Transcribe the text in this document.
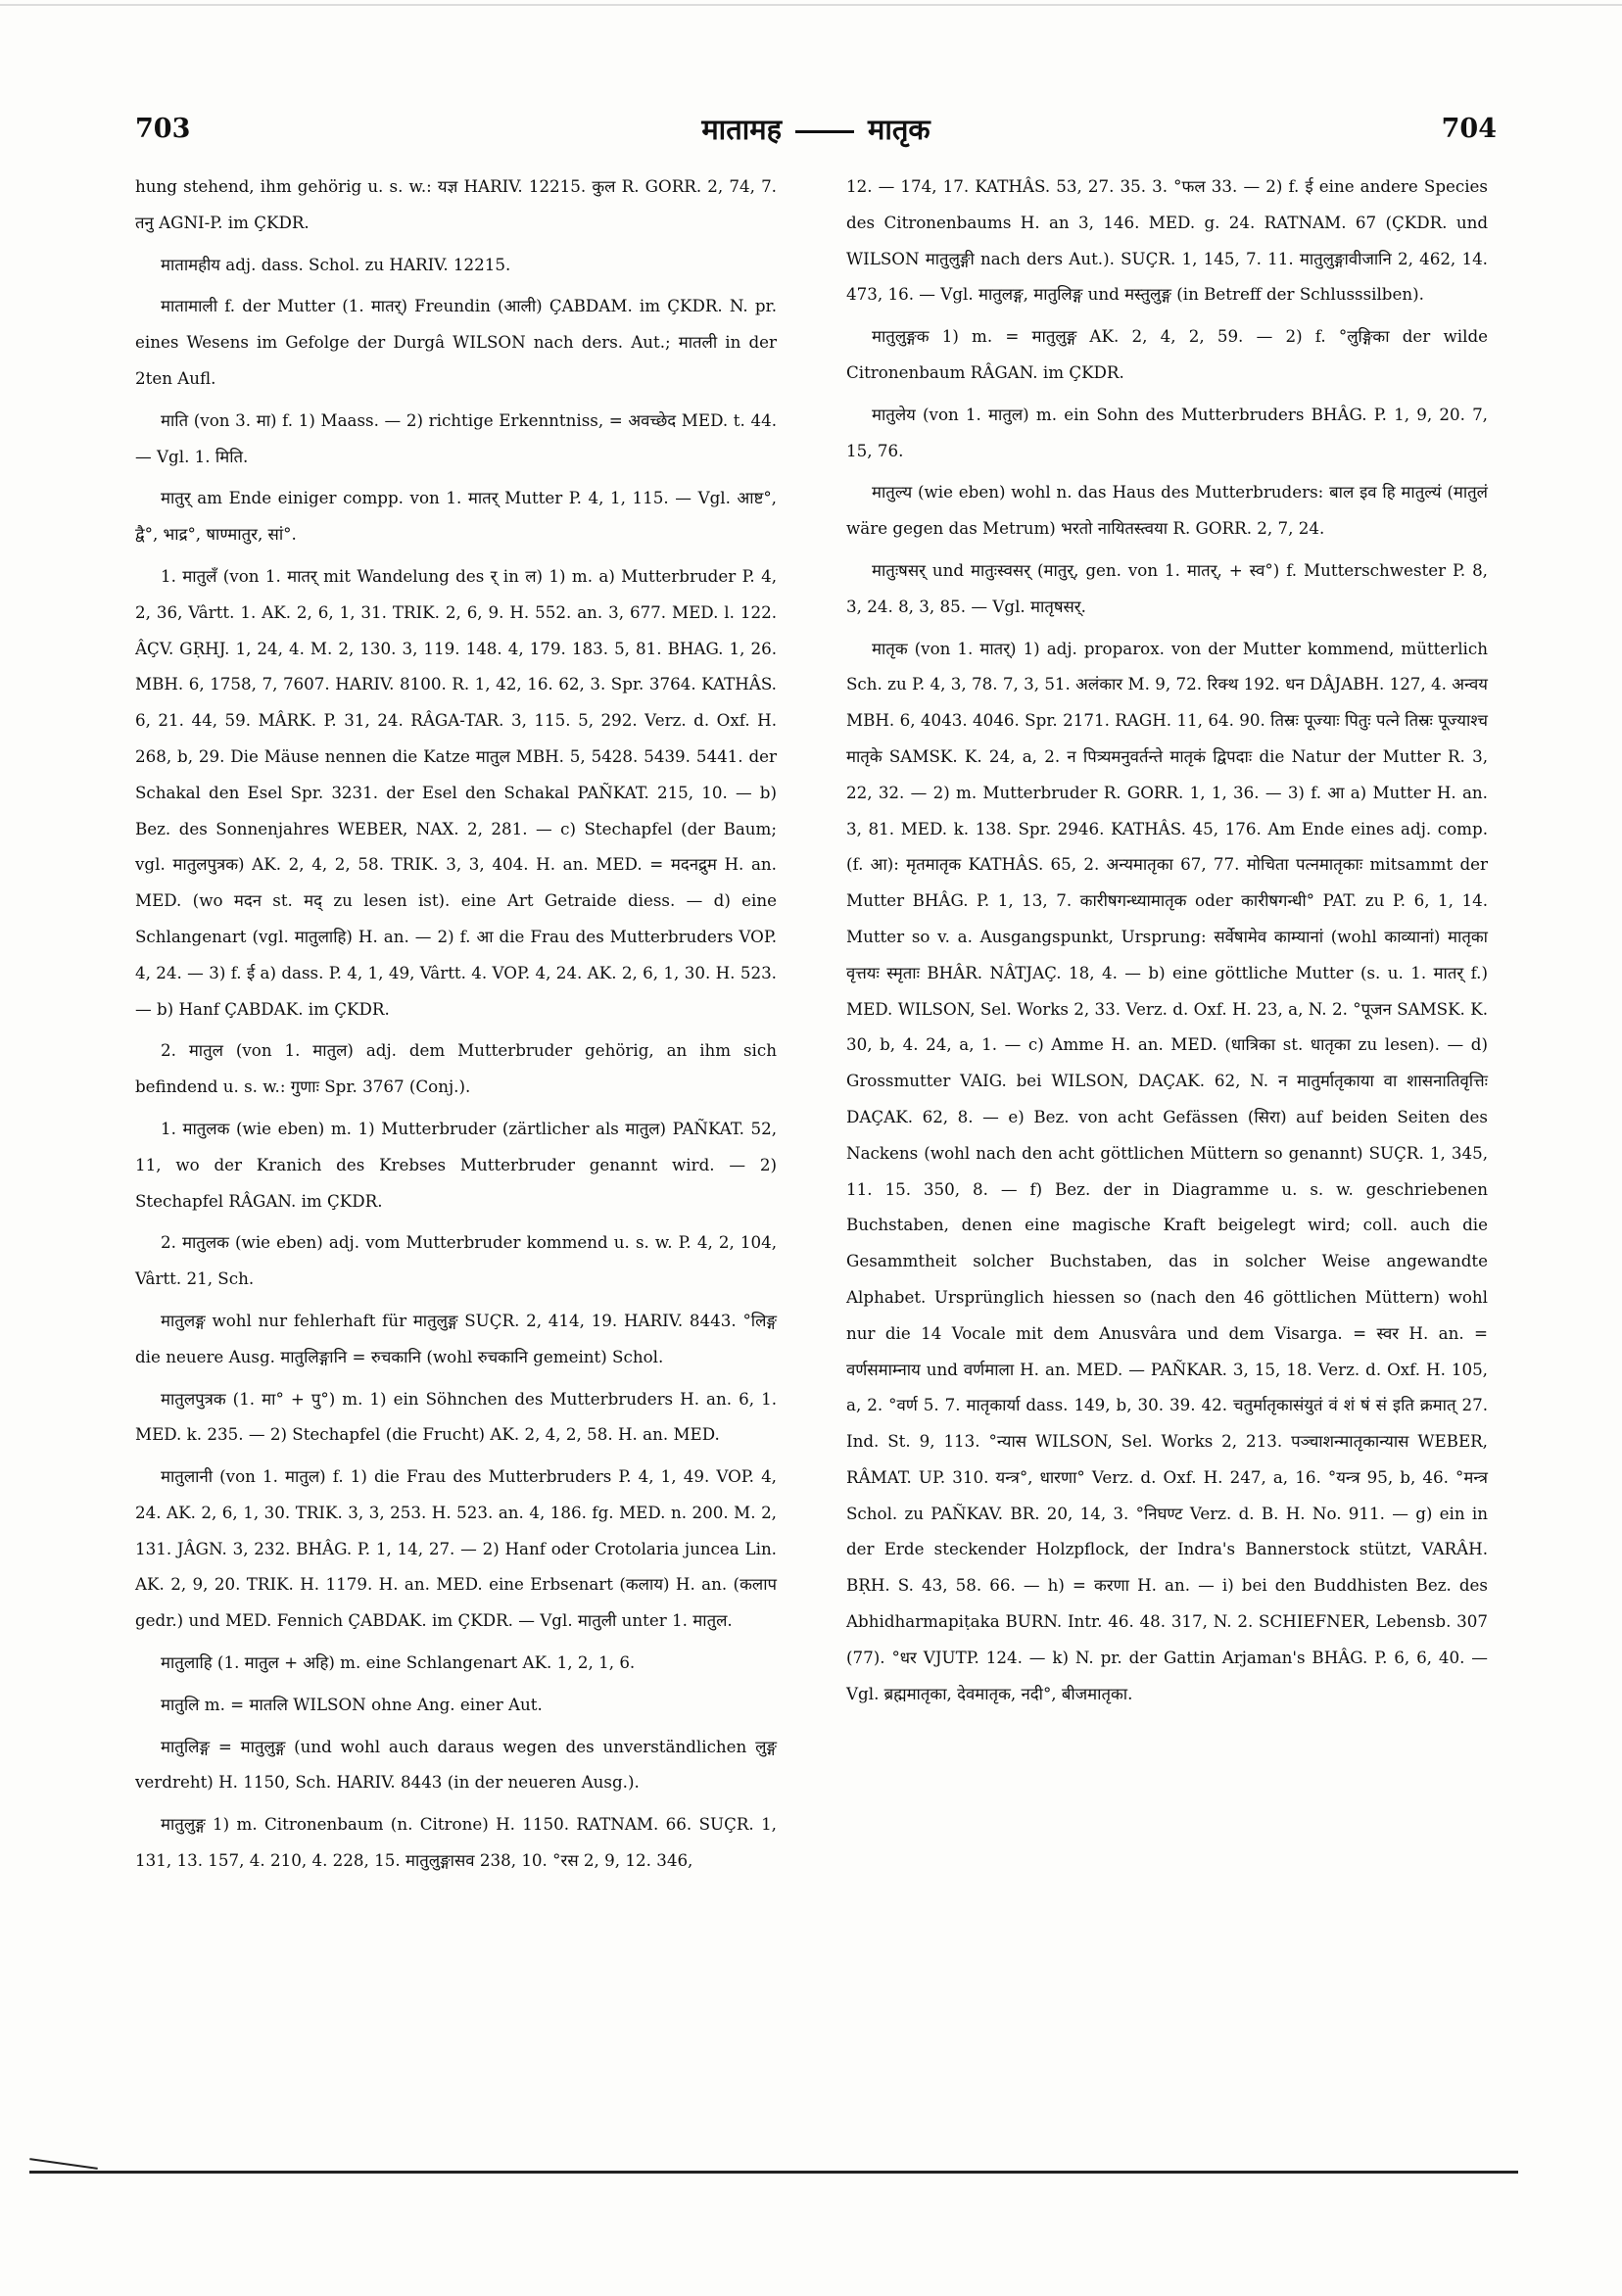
703	मातामह	मातृक	704

hung stehend, ihm gehörig u. s. w.: यज्ञ HARIV. 12215. कुल R. GORR. 2, 74, 7. तनु AGNI-P. im ÇKDR.

मातामहीय adj. dass. Schol. zu HARIV. 12215.

मातामाली f. der Mutter (1. मातर्) Freundin (आली) ÇABDAM. im ÇKDR. N. pr. eines Wesens im Gefolge der Durgâ WILSON nach ders. Aut.; मातली in der 2ten Aufl.

माति (von 3. मा) f. 1) Maass. — 2) richtige Erkenntniss, = अवच्छेद MED. t. 44. — Vgl. 1. मिति.

मातुर् am Ende einiger compp. von 1. मातर् Mutter P. 4, 1, 115. — Vgl. आष्ट°, द्वै°, भाद्र°, षाण्मातुर, सां°.

1. मातुलँ (von 1. मातर् mit Wandelung des र् in ल) 1) m. a) Mutterbruder P. 4, 2, 36, Vârtt. 1. AK. 2, 6, 1, 31. TRIK. 2, 6, 9. H. 552. an. 3, 677. MED. l. 122. ÂÇV. GṚHJ. 1, 24, 4. M. 2, 130. 3, 119. 148. 4, 179. 183. 5, 81. BHAG. 1, 26. MBH. 6, 1758, 7, 7607. HARIV. 8100. R. 1, 42, 16. 62, 3. Spr. 3764. KATHÂS. 6, 21. 44, 59. MÂRK. P. 31, 24. RÂGA-TAR. 3, 115. 5, 292. Verz. d. Oxf. H. 268, b, 29. Die Mäuse nennen die Katze मातुल MBH. 5, 5428. 5439. 5441. der Schakal den Esel Spr. 3231. der Esel den Schakal PAÑKAT. 215, 10. — b) Bez. des Sonnenjahres WEBER, NAX. 2, 281. — c) Stechapfel (der Baum; vgl. मातुलपुत्रक) AK. 2, 4, 2, 58. TRIK. 3, 3, 404. H. an. MED. = मदनद्रुम H. an. MED. (wo मदन st. मद् zu lesen ist). eine Art Getraide diess. — d) eine Schlangenart (vgl. मातुलाहि) H. an. — 2) f. आ die Frau des Mutterbruders VOP. 4, 24. — 3) f. ई a) dass. P. 4, 1, 49, Vârtt. 4. VOP. 4, 24. AK. 2, 6, 1, 30. H. 523. — b) Hanf ÇABDAK. im ÇKDR.

2. मातुल (von 1. मातुल) adj. dem Mutterbruder gehörig, an ihm sich befindend u. s. w.: गुणाः Spr. 3767 (Conj.).

1. मातुलक (wie eben) m. 1) Mutterbruder (zärtlicher als मातुल) PAÑKAT. 52, 11, wo der Kranich des Krebses Mutterbruder genannt wird. — 2) Stechapfel RÂGAN. im ÇKDR.

2. मातुलक (wie eben) adj. vom Mutterbruder kommend u. s. w. P. 4, 2, 104, Vârtt. 21, Sch.

मातुलङ्ग wohl nur fehlerhaft für मातुलुङ्ग SUÇR. 2, 414, 19. HARIV. 8443. °लिङ्ग die neuere Ausg. मातुलिङ्गानि = रुचकानि (wohl रुचकानि gemeint) Schol.

मातुलपुत्रक (1. मा° + पु°) m. 1) ein Söhnchen des Mutterbruders H. an. 6, 1. MED. k. 235. — 2) Stechapfel (die Frucht) AK. 2, 4, 2, 58. H. an. MED.

मातुलानी (von 1. मातुल) f. 1) die Frau des Mutterbruders P. 4, 1, 49. VOP. 4, 24. AK. 2, 6, 1, 30. TRIK. 3, 3, 253. H. 523. an. 4, 186. fg. MED. n. 200. M. 2, 131. JÂGN. 3, 232. BHÂG. P. 1, 14, 27. — 2) Hanf oder Crotolaria juncea Lin. AK. 2, 9, 20. TRIK. H. 1179. H. an. MED. eine Erbsenart (कलाय) H. an. (कलाप gedr.) und MED. Fennich ÇABDAK. im ÇKDR. — Vgl. मातुली unter 1. मातुल.

मातुलाहि (1. मातुल + अहि) m. eine Schlangenart AK. 1, 2, 1, 6.

मातुलि m. = मातलि WILSON ohne Ang. einer Aut.

मातुलिङ्ग = मातुलुङ्ग (und wohl auch daraus wegen des unverständlichen लुङ्ग verdreht) H. 1150, Sch. HARIV. 8443 (in der neueren Ausg.).

मातुलुङ्ग 1) m. Citronenbaum (n. Citrone) H. 1150. RATNAM. 66. SUÇR. 1, 131, 13. 157, 4. 210, 4. 228, 15. मातुलुङ्गासव 238, 10. °रस 2, 9, 12. 346,

12. — 174, 17. KATHÂS. 53, 27. 35. 3. °फल 33. — 2) f. ई eine andere Species des Citronenbaums H. an 3, 146. MED. g. 24. RATNAM. 67 (ÇKDR. und WILSON मातुलुङ्गी nach ders Aut.). SUÇR. 1, 145, 7. 11. मातुलुङ्गावीजानि 2, 462, 14. 473, 16. — Vgl. मातुलङ्ग, मातुलिङ्ग und मस्तुलुङ्ग (in Betreff der Schlusssilben).

मातुलुङ्गक 1) m. = मातुलुङ्ग AK. 2, 4, 2, 59. — 2) f. °लुङ्गिका der wilde Citronenbaum RÂGAN. im ÇKDR.

मातुलेय (von 1. मातुल) m. ein Sohn des Mutterbruders BHÂG. P. 1, 9, 20. 7, 15, 76.

मातुल्य (wie eben) wohl n. das Haus des Mutterbruders: बाल इव हि मातुल्यं (मातुलं wäre gegen das Metrum) भरतो नायितस्त्वया R. GORR. 2, 7, 24.

मातुःषसर् und मातुःस्वसर् (मातुर्, gen. von 1. मातर्, + स्व°) f. Mutterschwester P. 8, 3, 24. 8, 3, 85. — Vgl. मातृषसर्.

मातृक (von 1. मातर्) 1) adj. proparox. von der Mutter kommend, mütterlich Sch. zu P. 4, 3, 78. 7, 3, 51. अलंकार M. 9, 72. रिक्थ 192. धन DÂJABH. 127, 4. अन्वय MBH. 6, 4043. 4046. Spr. 2171. RAGH. 11, 64. 90. तिस्रः पूज्याः पितुः पत्ने तिस्रः पूज्याश्च मातृके SAMSK. K. 24, a, 2. न पित्र्यमनुवर्तन्ते मातृकं द्विपदाः die Natur der Mutter R. 3, 22, 32. — 2) m. Mutterbruder R. GORR. 1, 1, 36. — 3) f. आ a) Mutter H. an. 3, 81. MED. k. 138. Spr. 2946. KATHÂS. 45, 176. Am Ende eines adj. comp. (f. आ): मृतमातृक KATHÂS. 65, 2. अन्यमातृका 67, 77. मोचिता पत्नमातृकाः mitsammt der Mutter BHÂG. P. 1, 13, 7. कारीषगन्ध्यामातृक oder कारीषगन्धी° PAT. zu P. 6, 1, 14. Mutter so v. a. Ausgangspunkt, Ursprung: सर्वेषामेव काम्यानां (wohl काव्यानां) मातृका वृत्तयः स्मृताः BHÂR. NÂTJAÇ. 18, 4. — b) eine göttliche Mutter (s. u. 1. मातर् f.) MED. WILSON, Sel. Works 2, 33. Verz. d. Oxf. H. 23, a, N. 2. °पूजन SAMSK. K. 30, b, 4. 24, a, 1. — c) Amme H. an. MED. (धात्रिका st. धातृका zu lesen). — d) Grossmutter VAIG. bei WILSON, DAÇAK. 62, N. न मातुर्मातृकाया वा शासनातिवृत्तिः DAÇAK. 62, 8. — e) Bez. von acht Gefässen (सिरा) auf beiden Seiten des Nackens (wohl nach den acht göttlichen Müttern so genannt) SUÇR. 1, 345, 11. 15. 350, 8. — f) Bez. der in Diagramme u. s. w. geschriebenen Buchstaben, denen eine magische Kraft beigelegt wird; coll. auch die Gesammtheit solcher Buchstaben, das in solcher Weise angewandte Alphabet. Ursprünglich hiessen so (nach den 46 göttlichen Müttern) wohl nur die 14 Vocale mit dem Anusvâra und dem Visarga. = स्वर H. an. = वर्णसमाम्नाय und वर्णमाला H. an. MED. — PAÑKAR. 3, 15, 18. Verz. d. Oxf. H. 105, a, 2. °वर्ण 5. 7. मातृकार्या dass. 149, b, 30. 39. 42. चतुर्मातृकासंयुतं वं शं षं सं इति क्रमात् 27. Ind. St. 9, 113. °न्यास WILSON, Sel. Works 2, 213. पञ्चाशन्मातृकान्यास WEBER, RÂMAT. UP. 310. यन्त्र°, धारणा° Verz. d. Oxf. H. 247, a, 16. °यन्त्र 95, b, 46. °मन्त्र Schol. zu PAÑKAV. BR. 20, 14, 3. °निघण्ट Verz. d. B. H. No. 911. — g) ein in der Erde steckender Holzpflock, der Indra's Bannerstock stützt, VARÂH. BṚH. S. 43, 58. 66. — h) = करणा H. an. — i) bei den Buddhisten Bez. des Abhidharmapiṭaka BURN. Intr. 46. 48. 317, N. 2. SCHIEFNER, Lebensb. 307 (77). °धर VJUTP. 124. — k) N. pr. der Gattin Arjaman's BHÂG. P. 6, 6, 40. — Vgl. ब्रह्ममातृका, देवमातृक, नदी°, बीजमातृका.
